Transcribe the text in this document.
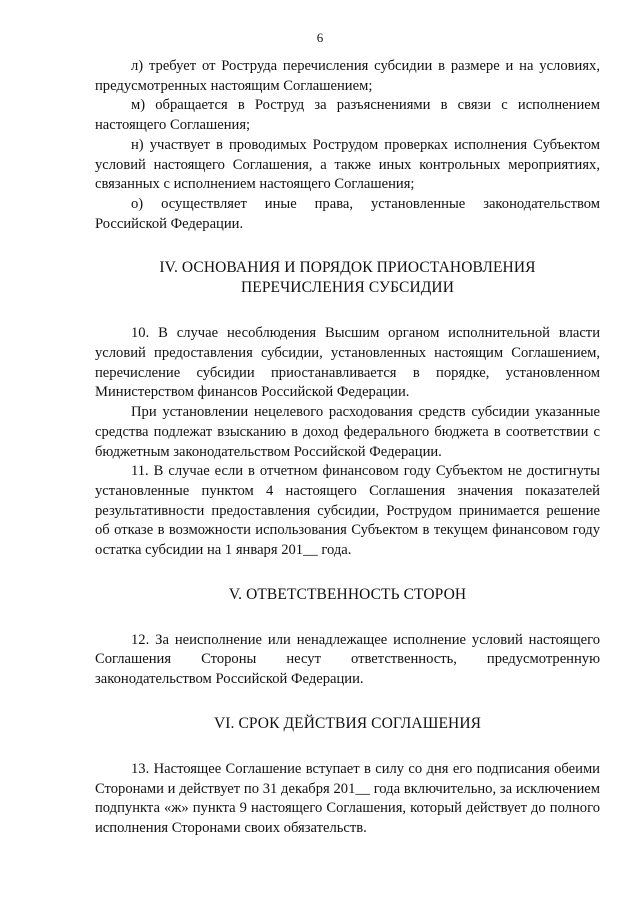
6

л) требует от Роструда перечисления субсидии в размере и на условиях, предусмотренных настоящим Соглашением;

м) обращается в Роструд за разъяснениями в связи с исполнением настоящего Соглашения;

н) участвует в проводимых Рострудом проверках исполнения Субъектом условий настоящего Соглашения, а также иных контрольных мероприятиях, связанных с исполнением настоящего Соглашения;

о) осуществляет иные права, установленные законодательством Российской Федерации.

IV. ОСНОВАНИЯ И ПОРЯДОК ПРИОСТАНОВЛЕНИЯ

ПЕРЕЧИСЛЕНИЯ СУБСИДИИ

10. В случае несоблюдения Высшим органом исполнительной власти условий предоставления субсидии, установленных настоящим Соглашением, перечисление субсидии приостанавливается в порядке, установленном Министерством финансов Российской Федерации.

При установлении нецелевого расходования средств субсидии указанные средства подлежат взысканию в доход федерального бюджета в соответствии с бюджетным законодательством Российской Федерации.

11. В случае если в отчетном финансовом году Субъектом не достигнуты установленные пунктом 4 настоящего Соглашения значения показателей результативности предоставления субсидии, Рострудом принимается решение об отказе в возможности использования Субъектом в текущем финансовом году остатка субсидии на 1 января 201__ года.

V. ОТВЕТСТВЕННОСТЬ СТОРОН

12. За неисполнение или ненадлежащее исполнение условий настоящего Соглашения Стороны несут ответственность, предусмотренную законодательством Российской Федерации.

VI. СРОК ДЕЙСТВИЯ СОГЛАШЕНИЯ

13. Настоящее Соглашение вступает в силу со дня его подписания обеими Сторонами и действует по 31 декабря 201__ года включительно, за исключением подпункта «ж» пункта 9 настоящего Соглашения, который действует до полного исполнения Сторонами своих обязательств.
